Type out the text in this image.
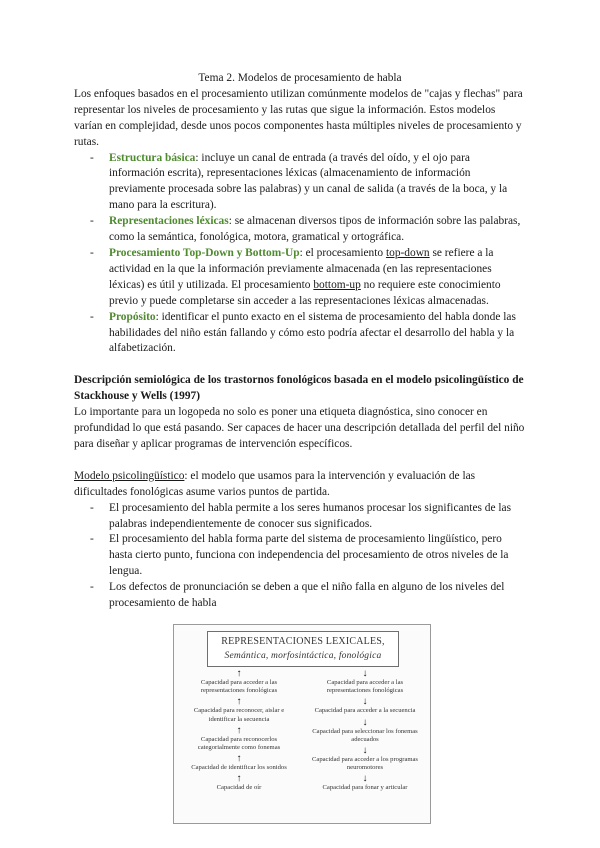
Tema 2. Modelos de procesamiento de habla

Los enfoques basados en el procesamiento utilizan comúnmente modelos de "cajas y flechas" para representar los niveles de procesamiento y las rutas que sigue la información. Estos modelos varían en complejidad, desde unos pocos componentes hasta múltiples niveles de procesamiento y rutas.

- Estructura básica: incluye un canal de entrada (a través del oído, y el ojo para información escrita), representaciones léxicas (almacenamiento de información previamente procesada sobre las palabras) y un canal de salida (a través de la boca, y la mano para la escritura).
- Representaciones léxicas: se almacenan diversos tipos de información sobre las palabras, como la semántica, fonológica, motora, gramatical y ortográfica.
- Procesamiento Top-Down y Bottom-Up: el procesamiento top-down se refiere a la actividad en la que la información previamente almacenada (en las representaciones léxicas) es útil y utilizada. El procesamiento bottom-up no requiere este conocimiento previo y puede completarse sin acceder a las representaciones léxicas almacenadas.
- Propósito: identificar el punto exacto en el sistema de procesamiento del habla donde las habilidades del niño están fallando y cómo esto podría afectar el desarrollo del habla y la alfabetización.

Descripción semiológica de los trastornos fonológicos basada en el modelo psicolingüístico de Stackhouse y Wells (1997)

Lo importante para un logopeda no solo es poner una etiqueta diagnóstica, sino conocer en profundidad lo que está pasando. Ser capaces de hacer una descripción detallada del perfil del niño para diseñar y aplicar programas de intervención específicos.

Modelo psicolingüístico: el modelo que usamos para la intervención y evaluación de las dificultades fonológicas asume varios puntos de partida.

- El procesamiento del habla permite a los seres humanos procesar los significantes de las palabras independientemente de conocer sus significados.
- El procesamiento del habla forma parte del sistema de procesamiento lingüístico, pero hasta cierto punto, funciona con independencia del procesamiento de otros niveles de la lengua.
- Los defectos de pronunciación se deben a que el niño falla en alguno de los niveles del procesamiento de habla
REPRESENTACIONES LEXICALES,
Semántica, morfosintáctica, fonológica
↑
Capacidad para acceder a las representaciones fonológicas
↑
Capacidad para reconocer, aislar e identificar la secuencia
↑
Capacidad para reconocerlos categorialmente como fonemas
↑
Capacidad de identificar los sonidos
↑
Capacidad de oír
↓
Capacidad para acceder a las representaciones fonológicas
↓
Capacidad para acceder a la secuencia
↓
Capacidad para seleccionar los fonemas adecuados
↓
Capacidad para acceder a los programas neuromotores
↓
Capacidad para fonar y articular
